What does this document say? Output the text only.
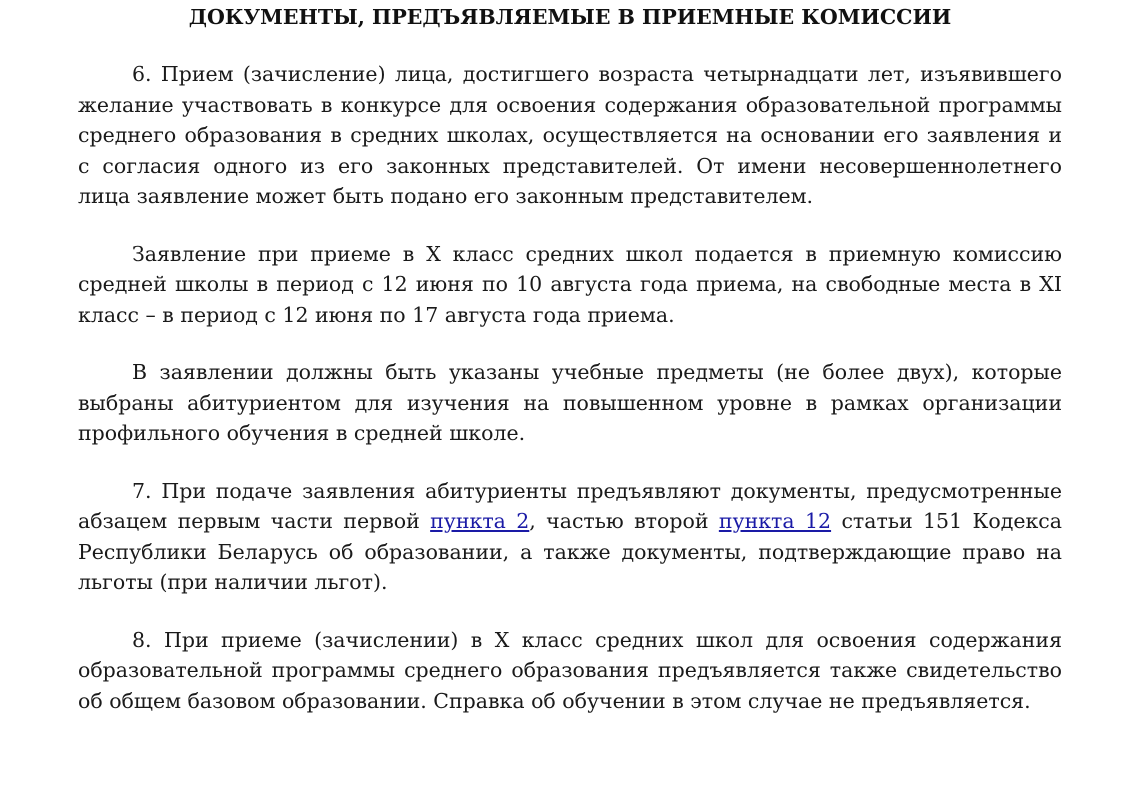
ДОКУМЕНТЫ, ПРЕДЪЯВЛЯЕМЫЕ В ПРИЕМНЫЕ КОМИССИИ

6. Прием (зачисление) лица, достигшего возраста четырнадцати лет, изъявившего желание участвовать в конкурсе для освоения содержания образовательной программы среднего образования в средних школах, осуществляется на основании его заявления и с согласия одного из его законных представителей. От имени несовершеннолетнего лица заявление может быть подано его законным представителем.

Заявление при приеме в X класс средних школ подается в приемную комиссию средней школы в период с 12 июня по 10 августа года приема, на свободные места в XI класс – в период с 12 июня по 17 августа года приема.

В заявлении должны быть указаны учебные предметы (не более двух), которые выбраны абитуриентом для изучения на повышенном уровне в рамках организации профильного обучения в средней школе.

7. При подаче заявления абитуриенты предъявляют документы, предусмотренные абзацем первым части первой пункта 2, частью второй пункта 12 статьи 151 Кодекса Республики Беларусь об образовании, а также документы, подтверждающие право на льготы (при наличии льгот).

8. При приеме (зачислении) в X класс средних школ для освоения содержания образовательной программы среднего образования предъявляется также свидетельство об общем базовом образовании. Справка об обучении в этом случае не предъявляется.
